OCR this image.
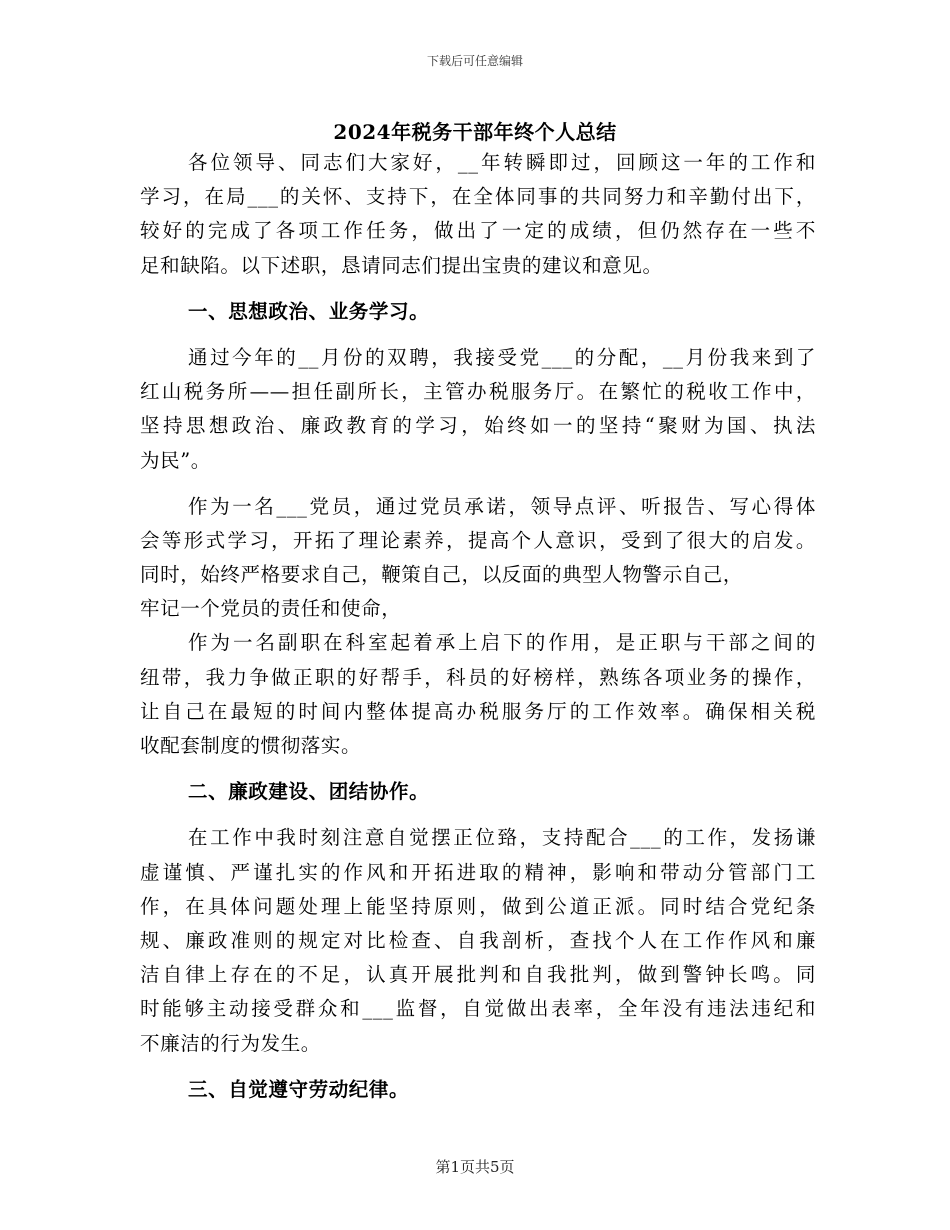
下载后可任意编辑
2024年税务干部年终个人总结
各位领导、同志们大家好，__年转瞬即过，回顾这一年的工作和
学习，在局___的关怀、支持下，在全体同事的共同努力和辛勤付出下，
较好的完成了各项工作任务，做出了一定的成绩，但仍然存在一些不
足和缺陷。以下述职，恳请同志们提出宝贵的建议和意见。
一、思想政治、业务学习。
通过今年的__月份的双聘，我接受党___的分配，__月份我来到了
红山税务所——担任副所长，主管办税服务厅。在繁忙的税收工作中，
坚持思想政治、廉政教育的学习，始终如一的坚持“聚财为国、执法
为民”。
作为一名___党员，通过党员承诺，领导点评、听报告、写心得体
会等形式学习，开拓了理论素养，提高个人意识，受到了很大的启发。
同时，始终严格要求自己，鞭策自己，以反面的典型人物警示自己，
牢记一个党员的责任和使命，
作为一名副职在科室起着承上启下的作用，是正职与干部之间的
纽带，我力争做正职的好帮手，科员的好榜样，熟练各项业务的操作，
让自己在最短的时间内整体提高办税服务厅的工作效率。确保相关税
收配套制度的惯彻落实。
二、廉政建设、团结协作。
在工作中我时刻注意自觉摆正位臵，支持配合___的工作，发扬谦
虚谨慎、严谨扎实的作风和开拓进取的精神，影响和带动分管部门工
作，在具体问题处理上能坚持原则，做到公道正派。同时结合党纪条
规、廉政准则的规定对比检查、自我剖析，查找个人在工作作风和廉
洁自律上存在的不足，认真开展批判和自我批判，做到警钟长鸣。同
时能够主动接受群众和___监督，自觉做出表率，全年没有违法违纪和
不廉洁的行为发生。
三、自觉遵守劳动纪律。
第1页共5页
